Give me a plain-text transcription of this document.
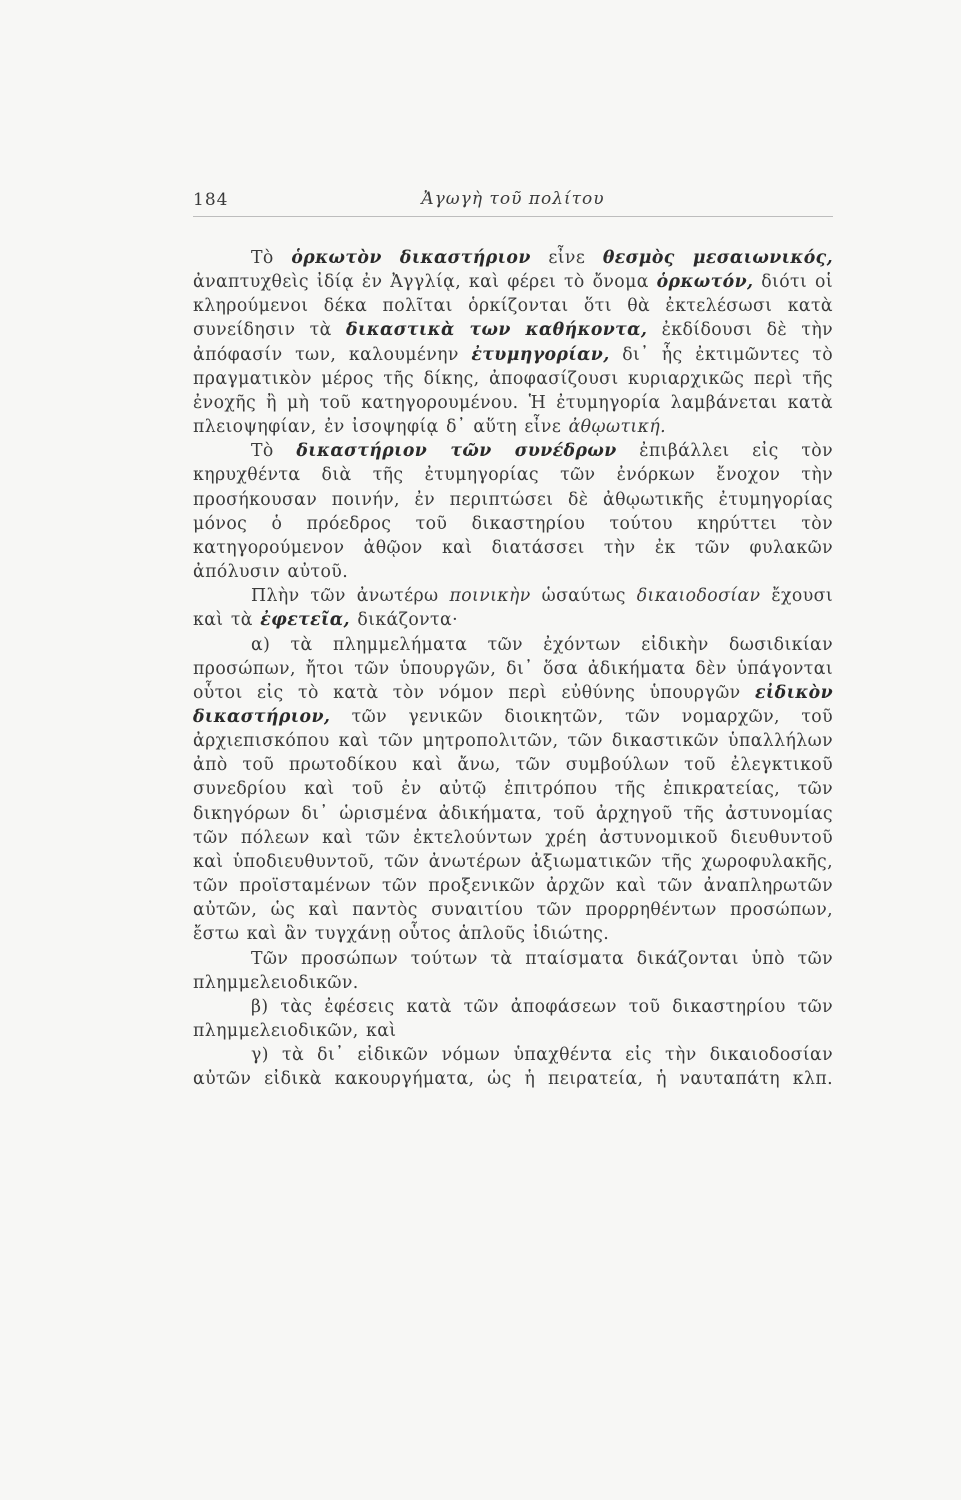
184	Ἀγωγὴ τοῦ πολίτου

Τὸ ὁρκωτὸν δικαστήριον εἶνε θεσμὸς μεσαιωνικός, ἀναπτυχθεὶς ἰδίᾳ ἐν Ἀγγλίᾳ, καὶ φέρει τὸ ὄνομα ὁρκωτόν, διότι οἱ κληρούμενοι δέκα πολῖται ὁρκίζονται ὅτι θὰ ἐκτελέσωσι κατὰ συνείδησιν τὰ δικαστικὰ των καθήκοντα, ἐκδίδουσι δὲ τὴν ἀπόφασίν των, καλουμένην ἐτυμηγορίαν, δι᾽ ἧς ἐκτιμῶντες τὸ πραγματικὸν μέρος τῆς δίκης, ἀποφασίζουσι κυριαρχικῶς περὶ τῆς ἐνοχῆς ἢ μὴ τοῦ κατηγορουμένου. Ἡ ἐτυμηγορία λαμβάνεται κατὰ πλειοψηφίαν, ἐν ἰσοψηφίᾳ δ᾽ αὕτη εἶνε ἀθῳωτική.

Τὸ δικαστήριον τῶν συνέδρων ἐπιβάλλει εἰς τὸν κηρυχθέντα διὰ τῆς ἐτυμηγορίας τῶν ἐνόρκων ἔνοχον τὴν προσήκουσαν ποινήν, ἐν περιπτώσει δὲ ἀθῳωτικῆς ἐτυμηγορίας μόνος ὁ πρόεδρος τοῦ δικαστηρίου τούτου κηρύττει τὸν κατηγορούμενον ἀθῷον καὶ διατάσσει τὴν ἐκ τῶν φυλακῶν ἀπόλυσιν αὐτοῦ.

Πλὴν τῶν ἀνωτέρω ποινικὴν ὡσαύτως δικαιοδοσίαν ἔχουσι καὶ τὰ ἐφετεῖα, δικάζοντα·

α) τὰ πλημμελήματα τῶν ἐχόντων εἰδικὴν δωσιδικίαν προσώπων, ἤτοι τῶν ὑπουργῶν, δι᾽ ὅσα ἀδικήματα δὲν ὑπάγονται οὗτοι εἰς τὸ κατὰ τὸν νόμον περὶ εὐθύνης ὑπουργῶν εἰδικὸν δικαστήριον, τῶν γενικῶν διοικητῶν, τῶν νομαρχῶν, τοῦ ἀρχιεπισκόπου καὶ τῶν μητροπολιτῶν, τῶν δικαστικῶν ὑπαλλήλων ἀπὸ τοῦ πρωτοδίκου καὶ ἄνω, τῶν συμβούλων τοῦ ἐλεγκτικοῦ συνεδρίου καὶ τοῦ ἐν αὐτῷ ἐπιτρόπου τῆς ἐπικρατείας, τῶν δικηγόρων δι᾽ ὡρισμένα ἀδικήματα, τοῦ ἀρχηγοῦ τῆς ἀστυνομίας τῶν πόλεων καὶ τῶν ἐκτελούντων χρέη ἀστυνομικοῦ διευθυντοῦ καὶ ὑποδιευθυντοῦ, τῶν ἀνωτέρων ἀξιωματικῶν τῆς χωροφυλακῆς, τῶν προϊσταμένων τῶν προξενικῶν ἀρχῶν καὶ τῶν ἀναπληρωτῶν αὐτῶν, ὡς καὶ παντὸς συναιτίου τῶν προρρηθέντων προσώπων, ἔστω καὶ ἂν τυγχάνῃ οὗτος ἁπλοῦς ἰδιώτης.

Τῶν προσώπων τούτων τὰ πταίσματα δικάζονται ὑπὸ τῶν πλημμελειοδικῶν.

β) τὰς ἐφέσεις κατὰ τῶν ἀποφάσεων τοῦ δικαστηρίου τῶν πλημμελειοδικῶν, καὶ

γ) τὰ δι᾽ εἰδικῶν νόμων ὑπαχθέντα εἰς τὴν δικαιοδοσίαν αὐτῶν εἰδικὰ κακουργήματα, ὡς ἡ πειρατεία, ἡ ναυταπάτη κλπ.
